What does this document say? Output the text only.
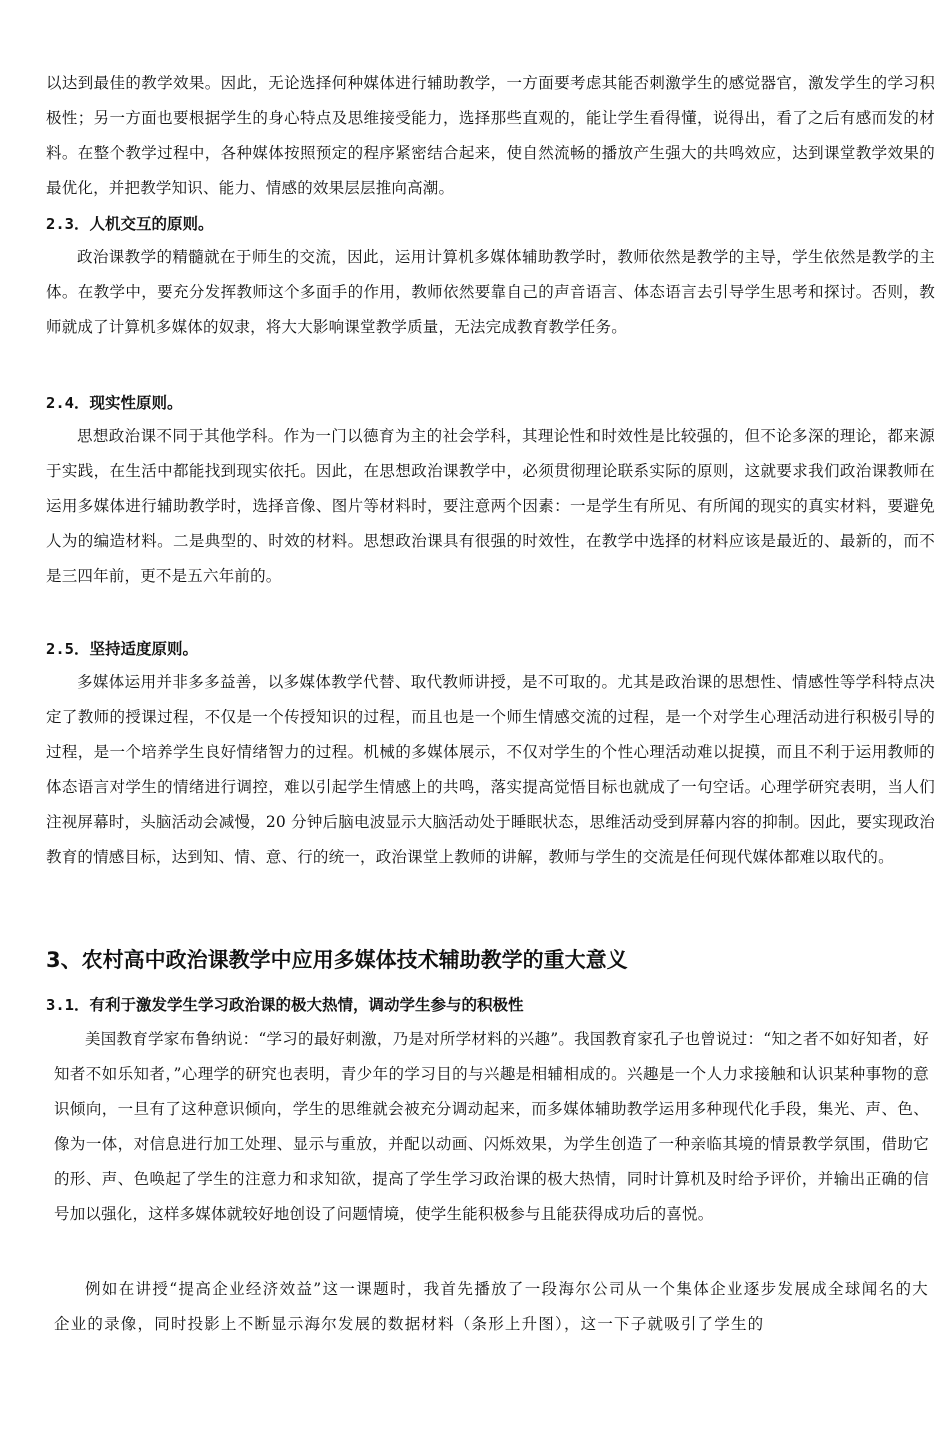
以达到最佳的教学效果。因此，无论选择何种媒体进行辅助教学，一方面要考虑其能否刺激学生的感觉器官，激发学生的学习积极性；另一方面也要根据学生的身心特点及思维接受能力，选择那些直观的，能让学生看得懂，说得出，看了之后有感而发的材料。在整个教学过程中，各种媒体按照预定的程序紧密结合起来，使自然流畅的播放产生强大的共鸣效应，达到课堂教学效果的最优化，并把教学知识、能力、情感的效果层层推向高潮。

2.3．人机交互的原则。

政治课教学的精髓就在于师生的交流，因此，运用计算机多媒体辅助教学时，教师依然是教学的主导，学生依然是教学的主体。在教学中，要充分发挥教师这个多面手的作用，教师依然要靠自己的声音语言、体态语言去引导学生思考和探讨。否则，教师就成了计算机多媒体的奴隶，将大大影响课堂教学质量，无法完成教育教学任务。

2.4．现实性原则。

思想政治课不同于其他学科。作为一门以德育为主的社会学科，其理论性和时效性是比较强的，但不论多深的理论，都来源于实践，在生活中都能找到现实依托。因此，在思想政治课教学中，必须贯彻理论联系实际的原则，这就要求我们政治课教师在运用多媒体进行辅助教学时，选择音像、图片等材料时，要注意两个因素：一是学生有所见、有所闻的现实的真实材料，要避免人为的编造材料。二是典型的、时效的材料。思想政治课具有很强的时效性，在教学中选择的材料应该是最近的、最新的，而不是三四年前，更不是五六年前的。

2.5．坚持适度原则。

多媒体运用并非多多益善，以多媒体教学代替、取代教师讲授，是不可取的。尤其是政治课的思想性、情感性等学科特点决定了教师的授课过程，不仅是一个传授知识的过程，而且也是一个师生情感交流的过程，是一个对学生心理活动进行积极引导的过程，是一个培养学生良好情绪智力的过程。机械的多媒体展示，不仅对学生的个性心理活动难以捉摸，而且不利于运用教师的体态语言对学生的情绪进行调控，难以引起学生情感上的共鸣，落实提高觉悟目标也就成了一句空话。心理学研究表明，当人们注视屏幕时，头脑活动会减慢，20 分钟后脑电波显示大脑活动处于睡眠状态，思维活动受到屏幕内容的抑制。因此，要实现政治教育的情感目标，达到知、情、意、行的统一，政治课堂上教师的讲解，教师与学生的交流是任何现代媒体都难以取代的。

3、农村高中政治课教学中应用多媒体技术辅助教学的重大意义
3.1．有利于激发学生学习政治课的极大热情，调动学生参与的积极性

美国教育学家布鲁纳说：“学习的最好刺激，乃是对所学材料的兴趣”。我国教育家孔子也曾说过：“知之者不如好知者，好知者不如乐知者，”心理学的研究也表明，青少年的学习目的与兴趣是相辅相成的。兴趣是一个人力求接触和认识某种事物的意识倾向，一旦有了这种意识倾向，学生的思维就会被充分调动起来，而多媒体辅助教学运用多种现代化手段，集光、声、色、像为一体，对信息进行加工处理、显示与重放，并配以动画、闪烁效果，为学生创造了一种亲临其境的情景教学氛围，借助它的形、声、色唤起了学生的注意力和求知欲，提高了学生学习政治课的极大热情，同时计算机及时给予评价，并输出正确的信号加以强化，这样多媒体就较好地创设了问题情境，使学生能积极参与且能获得成功后的喜悦。

例如在讲授“提高企业经济效益”这一课题时，我首先播放了一段海尔公司从一个集体企业逐步发展成全球闻名的大企业的录像，同时投影上不断显示海尔发展的数据材料（条形上升图），这一下子就吸引了学生的
